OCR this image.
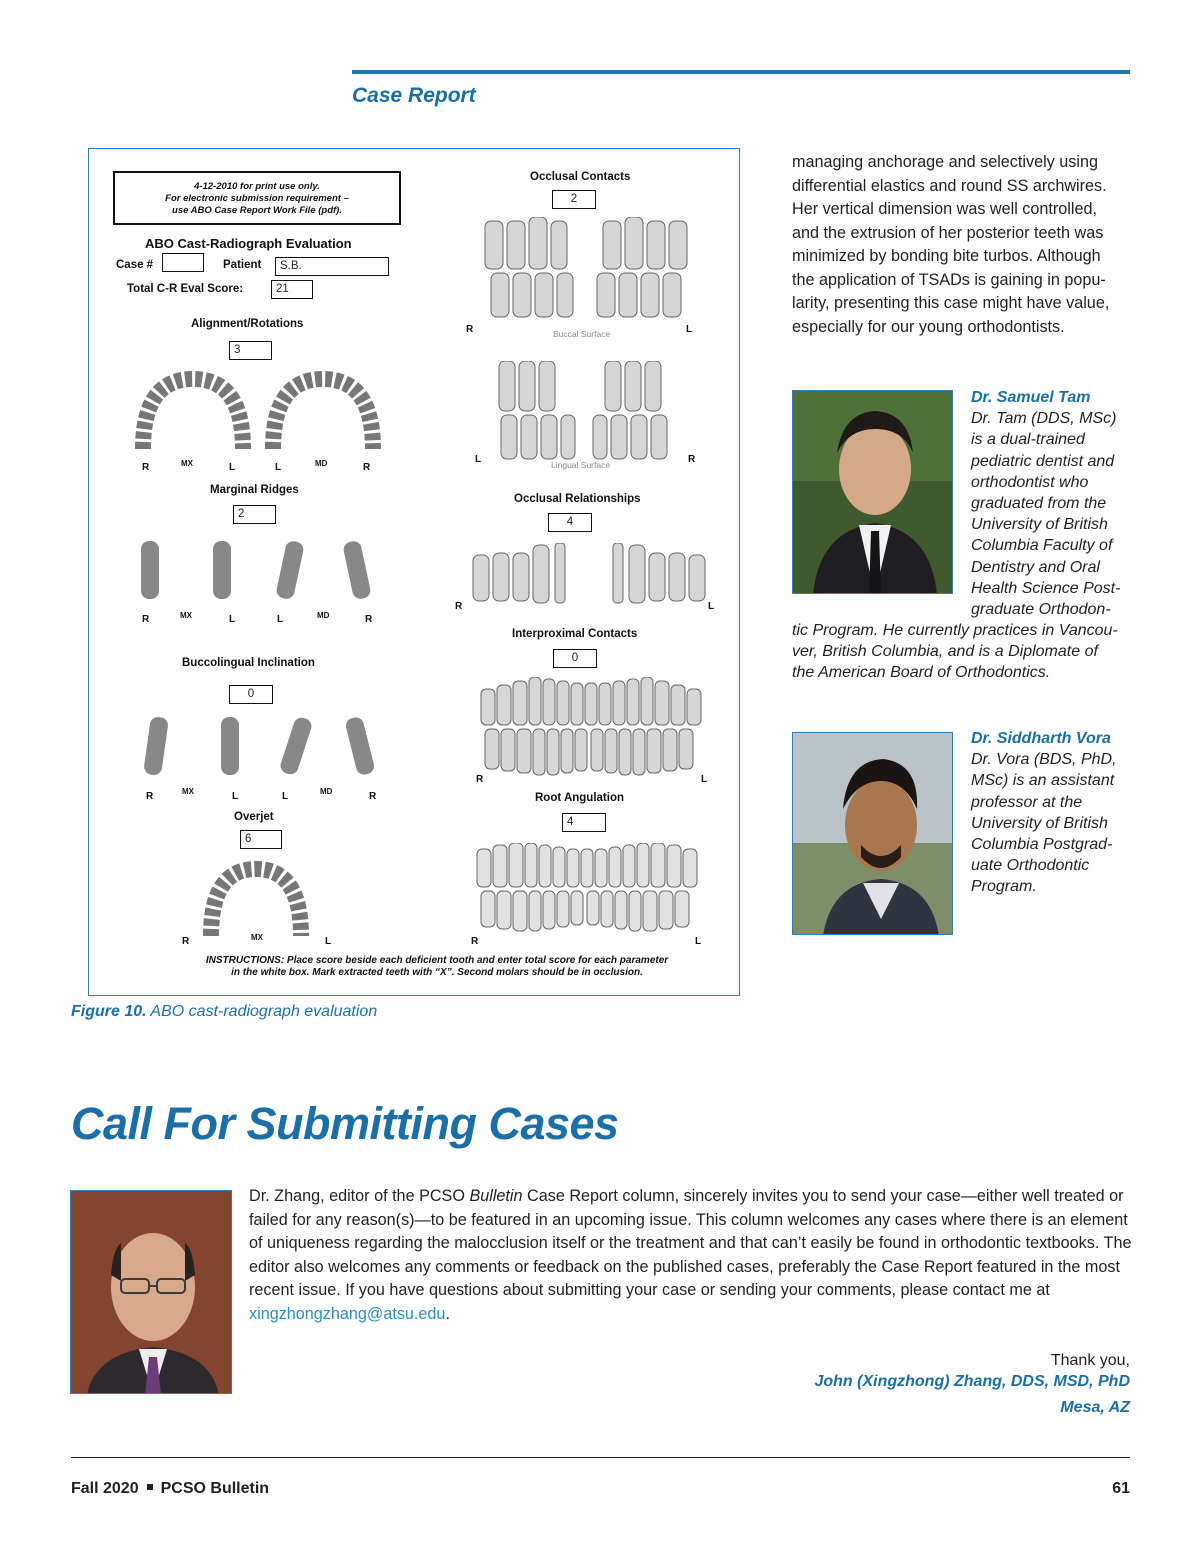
Case Report
4-12-2010 for print use only.
For electronic submission requirement –
use ABO Case Report Work File (pdf).
ABO Cast-Radiograph Evaluation
Case #	Patient	S.B.
Total C-R Eval Score:	21
Alignment/Rotations
3
R	MX	L	L	MD	R
Marginal Ridges
2
R	MX	L	L	MD	R
Buccolingual Inclination
0
R	MX	L	L	MD	R
Overjet
6
R	MX	L
Occlusal Contacts
2
R	Buccal Surface	L
L	Lingual Surface	R
Occlusal Relationships
4
R	L
Interproximal Contacts
0
R	L
Root Angulation
4
R	L
INSTRUCTIONS: Place score beside each deficient tooth and enter total score for each parameter
in the white box. Mark extracted teeth with “X”. Second molars should be in occlusion.
Figure 10. ABO cast-radiograph evaluation
managing anchorage and selectively using
differential elastics and round SS archwires.
Her vertical dimension was well controlled,
and the extrusion of her posterior teeth was
minimized by bonding bite turbos. Although
the application of TSADs is gaining in popu-
larity, presenting this case might have value,
especially for our young orthodontists.
Dr. Samuel Tam
Dr. Tam (DDS, MSc)
is a dual-trained
pediatric dentist and
orthodontist who
graduated from the
University of British
Columbia Faculty of
Dentistry and Oral
Health Science Post-
graduate Orthodon-
tic Program. He currently practices in Vancou-
ver, British Columbia, and is a Diplomate of
the American Board of Orthodontics.
Dr. Siddharth Vora
Dr. Vora (BDS, PhD,
MSc) is an assistant
professor at the
University of British
Columbia Postgrad-
uate Orthodontic
Program.
Call For Submitting Cases
Dr. Zhang, editor of the PCSO Bulletin Case Report column, sincerely invites you to send your case—either well treated or failed for any reason(s)—to be featured in an upcoming issue. This column welcomes any cases where there is an element of uniqueness regarding the malocclusion itself or the treatment and that can’t easily be found in orthodontic textbooks. The editor also welcomes any comments or feedback on the published cases, preferably the Case Report featured in the most recent issue. If you have questions about submitting your case or sending your comments, please contact me at xingzhongzhang@atsu.edu.
Thank you,
John (Xingzhong) Zhang, DDS, MSD, PhD
Mesa, AZ
Fall 2020 PCSO Bulletin	61
